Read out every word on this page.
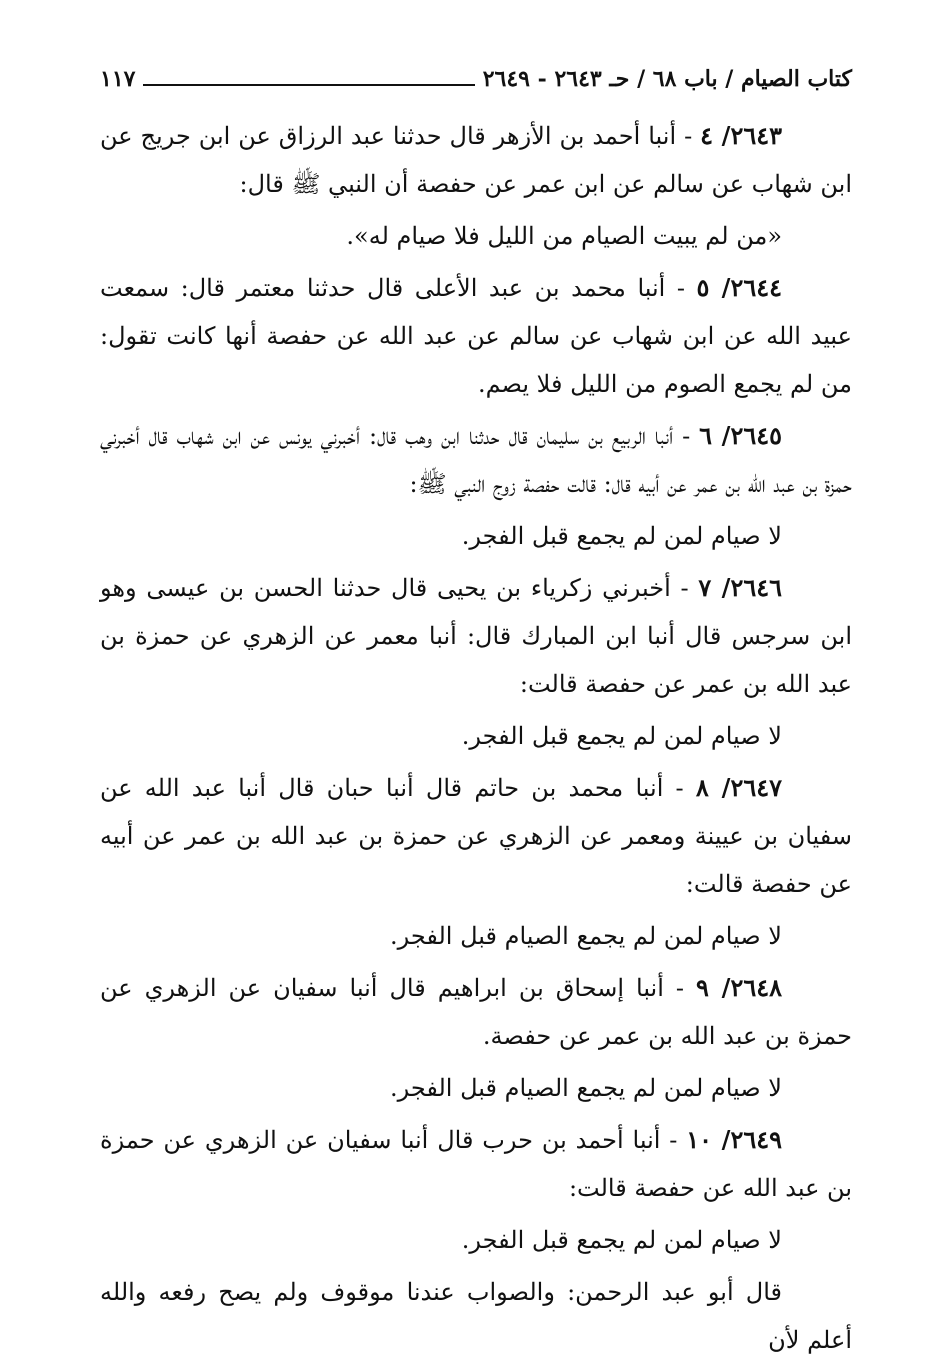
كتاب الصيام / باب ٦٨ / حـ ٢٦٤٣ - ٢٦٤٩
١١٧

٢٦٤٣/ ٤ - أنبا أحمد بن الأزهر قال حدثنا عبد الرزاق عن ابن جريج عن ابن شهاب عن سالم عن ابن عمر عن حفصة أن النبي ﷺ قال:

«من لم يبيت الصيام من الليل فلا صيام له».

٢٦٤٤/ ٥ - أنبا محمد بن عبد الأعلى قال حدثنا معتمر قال: سمعت عبيد الله عن ابن شهاب عن سالم عن عبد الله عن حفصة أنها كانت تقول: من لم يجمع الصوم من الليل فلا يصم.

٢٦٤٥/ ٦ - أنبا الربيع بن سليمان قال حدثنا ابن وهب قال: أخبرني يونس عن ابن شهاب قال أخبرني حمزة بن عبد الله بن عمر عن أبيه قال: قالت حفصة زوج النبي ﷺ:

لا صيام لمن لم يجمع قبل الفجر.

٢٦٤٦/ ٧ - أخبرني زكرياء بن يحيى قال حدثنا الحسن بن عيسى وهو ابن سرجس قال أنبا ابن المبارك قال: أنبا معمر عن الزهري عن حمزة بن عبد الله بن عمر عن حفصة قالت:

لا صيام لمن لم يجمع قبل الفجر.

٢٦٤٧/ ٨ - أنبا محمد بن حاتم قال أنبا حبان قال أنبا عبد الله عن سفيان بن عيينة ومعمر عن الزهري عن حمزة بن عبد الله بن عمر عن أبيه عن حفصة قالت:

لا صيام لمن لم يجمع الصيام قبل الفجر.

٢٦٤٨/ ٩ - أنبا إسحاق بن ابراهيم قال أنبا سفيان عن الزهري عن حمزة بن عبد الله بن عمر عن حفصة.

لا صيام لمن لم يجمع الصيام قبل الفجر.

٢٦٤٩/ ١٠ - أنبا أحمد بن حرب قال أنبا سفيان عن الزهري عن حمزة بن عبد الله عن حفصة قالت:

لا صيام لمن لم يجمع قبل الفجر.

قال أبو عبد الرحمن: والصواب عندنا موقوف ولم يصح رفعه والله أعلم لأن
